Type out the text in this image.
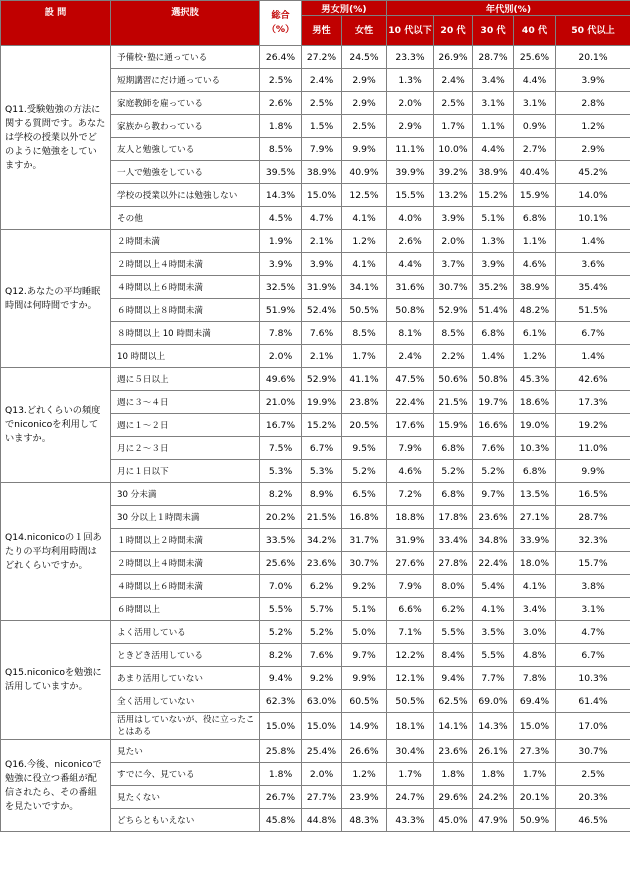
設 問	選択肢	総合（%）	男女別(%)		年代別(%)				
			男性	女性	10 代以下	20 代	30 代	40 代	50 代以上
Q11.受験勉強の方法に関する質問です。あなたは学校の授業以外でどのように勉強をしていますか。	予備校･塾に通っている	26.4%	27.2%	24.5%	23.3%	26.9%	28.7%	25.6%	20.1%
	短期講習にだけ通っている	2.5%	2.4%	2.9%	1.3%	2.4%	3.4%	4.4%	3.9%
	家庭教師を雇っている	2.6%	2.5%	2.9%	2.0%	2.5%	3.1%	3.1%	2.8%
	家族から教わっている	1.8%	1.5%	2.5%	2.9%	1.7%	1.1%	0.9%	1.2%
	友人と勉強している	8.5%	7.9%	9.9%	11.1%	10.0%	4.4%	2.7%	2.9%
	一人で勉強をしている	39.5%	38.9%	40.9%	39.9%	39.2%	38.9%	40.4%	45.2%
	学校の授業以外には勉強しない	14.3%	15.0%	12.5%	15.5%	13.2%	15.2%	15.9%	14.0%
	その他	4.5%	4.7%	4.1%	4.0%	3.9%	5.1%	6.8%	10.1%
Q12.あなたの平均睡眠時間は何時間ですか。	２時間未満	1.9%	2.1%	1.2%	2.6%	2.0%	1.3%	1.1%	1.4%
	２時間以上４時間未満	3.9%	3.9%	4.1%	4.4%	3.7%	3.9%	4.6%	3.6%
	４時間以上６時間未満	32.5%	31.9%	34.1%	31.6%	30.7%	35.2%	38.9%	35.4%
	６時間以上８時間未満	51.9%	52.4%	50.5%	50.8%	52.9%	51.4%	48.2%	51.5%
	８時間以上 10 時間未満	7.8%	7.6%	8.5%	8.1%	8.5%	6.8%	6.1%	6.7%
	10 時間以上	2.0%	2.1%	1.7%	2.4%	2.2%	1.4%	1.2%	1.4%
Q13.どれくらいの頻度でniconicoを利用していますか。	週に５日以上	49.6%	52.9%	41.1%	47.5%	50.6%	50.8%	45.3%	42.6%
	週に３～４日	21.0%	19.9%	23.8%	22.4%	21.5%	19.7%	18.6%	17.3%
	週に１～２日	16.7%	15.2%	20.5%	17.6%	15.9%	16.6%	19.0%	19.2%
	月に２～３日	7.5%	6.7%	9.5%	7.9%	6.8%	7.6%	10.3%	11.0%
	月に１日以下	5.3%	5.3%	5.2%	4.6%	5.2%	5.2%	6.8%	9.9%
Q14.niconicoの１回あたりの平均利用時間はどれくらいですか。	30 分未満	8.2%	8.9%	6.5%	7.2%	6.8%	9.7%	13.5%	16.5%
	30 分以上１時間未満	20.2%	21.5%	16.8%	18.8%	17.8%	23.6%	27.1%	28.7%
	１時間以上２時間未満	33.5%	34.2%	31.7%	31.9%	33.4%	34.8%	33.9%	32.3%
	２時間以上４時間未満	25.6%	23.6%	30.7%	27.6%	27.8%	22.4%	18.0%	15.7%
	４時間以上６時間未満	7.0%	6.2%	9.2%	7.9%	8.0%	5.4%	4.1%	3.8%
	６時間以上	5.5%	5.7%	5.1%	6.6%	6.2%	4.1%	3.4%	3.1%
Q15.niconicoを勉強に活用していますか。	よく活用している	5.2%	5.2%	5.0%	7.1%	5.5%	3.5%	3.0%	4.7%
	ときどき活用している	8.2%	7.6%	9.7%	12.2%	8.4%	5.5%	4.8%	6.7%
	あまり活用していない	9.4%	9.2%	9.9%	12.1%	9.4%	7.7%	7.8%	10.3%
	全く活用していない	62.3%	63.0%	60.5%	50.5%	62.5%	69.0%	69.4%	61.4%
	活用はしていないが、役に立ったことはある	15.0%	15.0%	14.9%	18.1%	14.1%	14.3%	15.0%	17.0%
Q16.今後、niconicoで勉強に役立つ番組が配信されたら、その番組を見たいですか。	見たい	25.8%	25.4%	26.6%	30.4%	23.6%	26.1%	27.3%	30.7%
	すでに今、見ている	1.8%	2.0%	1.2%	1.7%	1.8%	1.8%	1.7%	2.5%
	見たくない	26.7%	27.7%	23.9%	24.7%	29.6%	24.2%	20.1%	20.3%
	どちらともいえない	45.8%	44.8%	48.3%	43.3%	45.0%	47.9%	50.9%	46.5%
